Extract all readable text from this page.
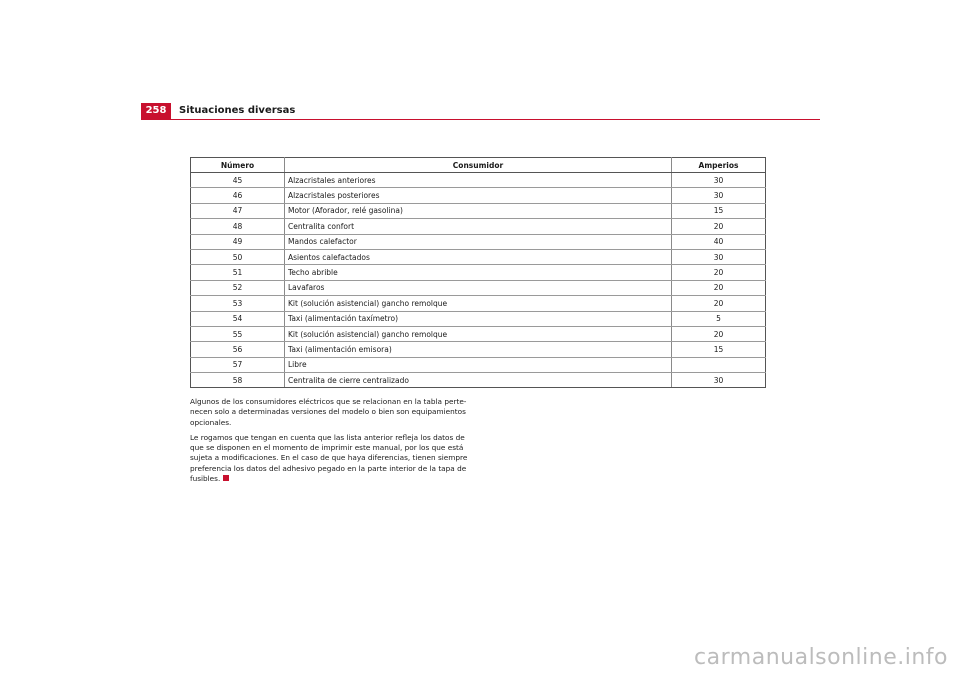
258	Situaciones diversas
Número	Consumidor	Amperios
45	Alzacristales anteriores	30
46	Alzacristales posteriores	30
47	Motor (Aforador, relé gasolina)	15
48	Centralita confort	20
49	Mandos calefactor	40
50	Asientos calefactados	30
51	Techo abrible	20
52	Lavafaros	20
53	Kit (solución asistencial) gancho remolque	20
54	Taxi (alimentación taxímetro)	5
55	Kit (solución asistencial) gancho remolque	20
56	Taxi (alimentación emisora)	15
57	Libre	
58	Centralita de cierre centralizado	30

Algunos de los consumidores eléctricos que se relacionan en la tabla perte-necen solo a determinadas versiones del modelo o bien son equipamientos opcionales.

Le rogamos que tengan en cuenta que las lista anterior refleja los datos de que se disponen en el momento de imprimir este manual, por los que está sujeta a modificaciones. En el caso de que haya diferencias, tienen siempre preferencia los datos del adhesivo pegado en la parte interior de la tapa de fusibles.

carmanualsonline.info
